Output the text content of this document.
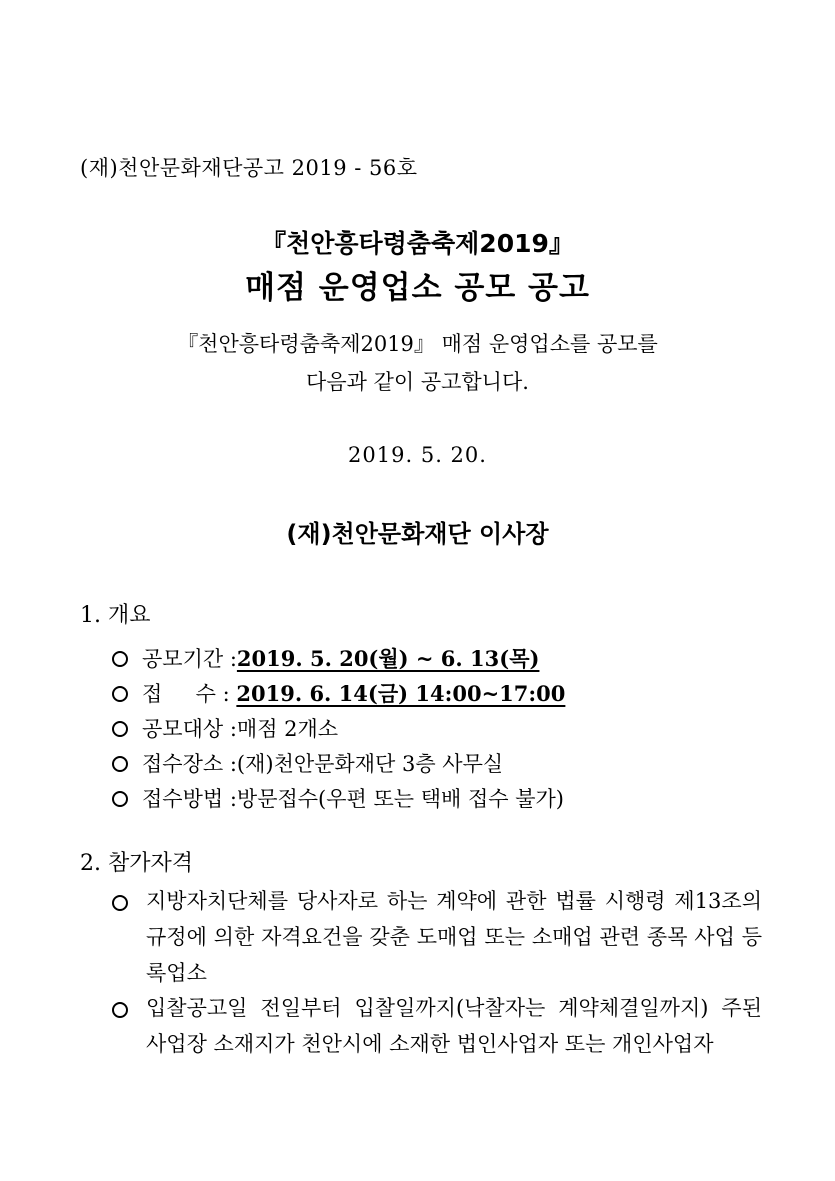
(재)천안문화재단공고 2019 - 56호
『천안흥타령춤축제2019』
매점 운영업소 공모 공고
『천안흥타령춤축제2019』 매점 운영업소를 공모를
다음과 같이 공고합니다.
2019. 5. 20.
(재)천안문화재단 이사장
1. 개요
공모기간 :2019. 5. 20(월) ~ 6. 13(목)
접     수 : 2019. 6. 14(금) 14:00~17:00
공모대상 :매점 2개소
접수장소 :(재)천안문화재단 3층 사무실
접수방법 :방문접수(우편 또는 택배 접수 불가)
2. 참가자격
지방자치단체를 당사자로 하는 계약에 관한 법률 시행령 제13조의 규정에 의한 자격요건을 갖춘 도매업 또는 소매업 관련 종목 사업 등록업소
입찰공고일 전일부터 입찰일까지(낙찰자는 계약체결일까지) 주된 사업장 소재지가 천안시에 소재한 법인사업자 또는 개인사업자
